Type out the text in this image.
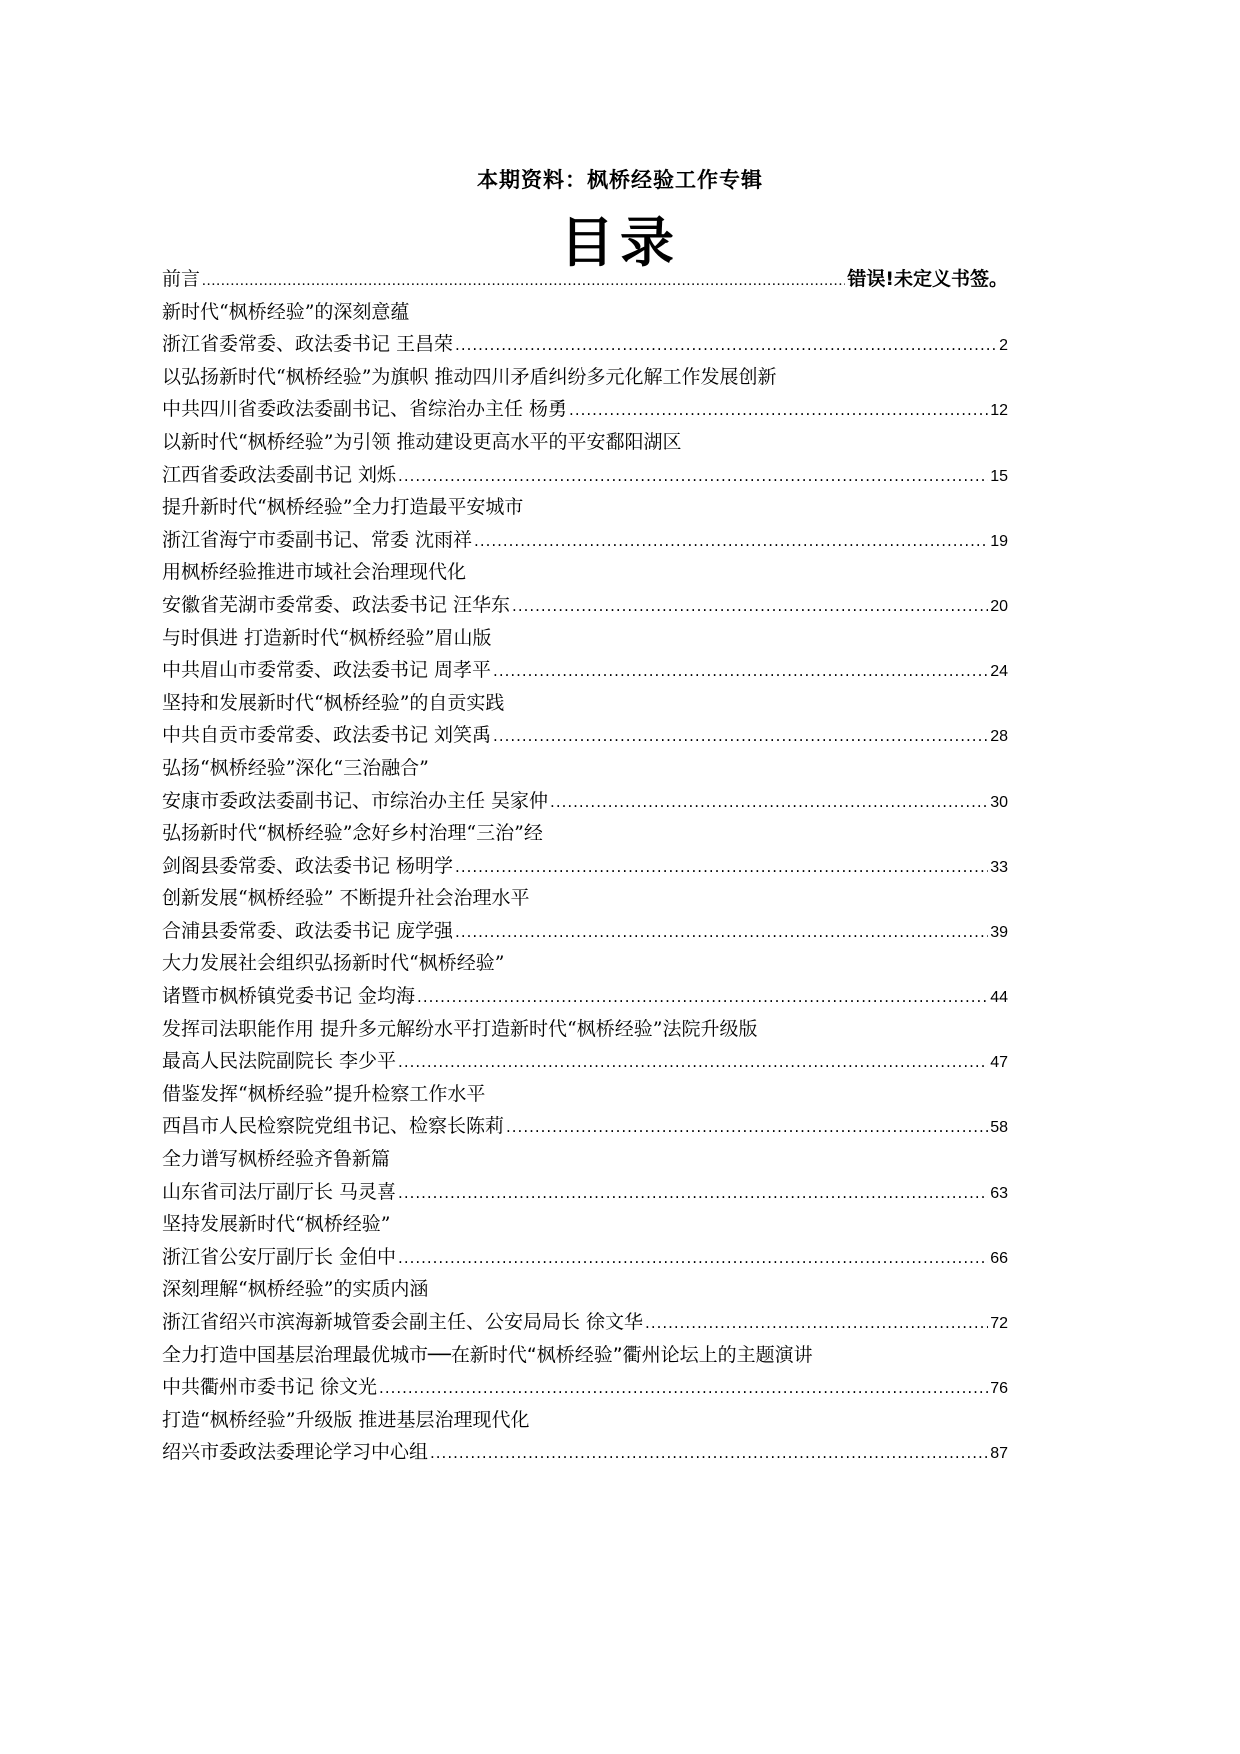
本期资料：枫桥经验工作专辑
目录
前言 .....	错误!未定义书签。
新时代“枫桥经验”的深刻意蕴
浙江省委常委、政法委书记 王昌荣 .....	2
以弘扬新时代“枫桥经验”为旗帜 推动四川矛盾纠纷多元化解工作发展创新
中共四川省委政法委副书记、省综治办主任 杨勇 .....	12
以新时代“枫桥经验”为引领 推动建设更高水平的平安鄱阳湖区
江西省委政法委副书记 刘烁 .....	15
提升新时代“枫桥经验”全力打造最平安城市
浙江省海宁市委副书记、常委 沈雨祥 .....	19
用枫桥经验推进市域社会治理现代化
安徽省芜湖市委常委、政法委书记 汪华东 .....	20
与时俱进 打造新时代“枫桥经验”眉山版
中共眉山市委常委、政法委书记 周孝平 .....	24
坚持和发展新时代“枫桥经验”的自贡实践
中共自贡市委常委、政法委书记 刘笑禹 .....	28
弘扬“枫桥经验”深化“三治融合”
安康市委政法委副书记、市综治办主任 吴家仲 .....	30
弘扬新时代“枫桥经验”念好乡村治理“三治”经
剑阁县委常委、政法委书记 杨明学 .....	33
创新发展“枫桥经验” 不断提升社会治理水平
合浦县委常委、政法委书记 庞学强 .....	39
大力发展社会组织弘扬新时代“枫桥经验”
诸暨市枫桥镇党委书记 金均海 .....	44
发挥司法职能作用 提升多元解纷水平打造新时代“枫桥经验”法院升级版
最高人民法院副院长 李少平 .....	47
借鉴发挥“枫桥经验”提升检察工作水平
西昌市人民检察院党组书记、检察长陈莉 .....	58
全力谱写枫桥经验齐鲁新篇
山东省司法厅副厅长 马灵喜 .....	63
坚持发展新时代“枫桥经验”
浙江省公安厅副厅长 金伯中 .....	66
深刻理解“枫桥经验”的实质内涵
浙江省绍兴市滨海新城管委会副主任、公安局局长 徐文华 .....	72
全力打造中国基层治理最优城市 ──在新时代“枫桥经验”衢州论坛上的主题演讲
中共衢州市委书记 徐文光 .....	76
打造“枫桥经验”升级版 推进基层治理现代化
绍兴市委政法委理论学习中心组 .....	87
